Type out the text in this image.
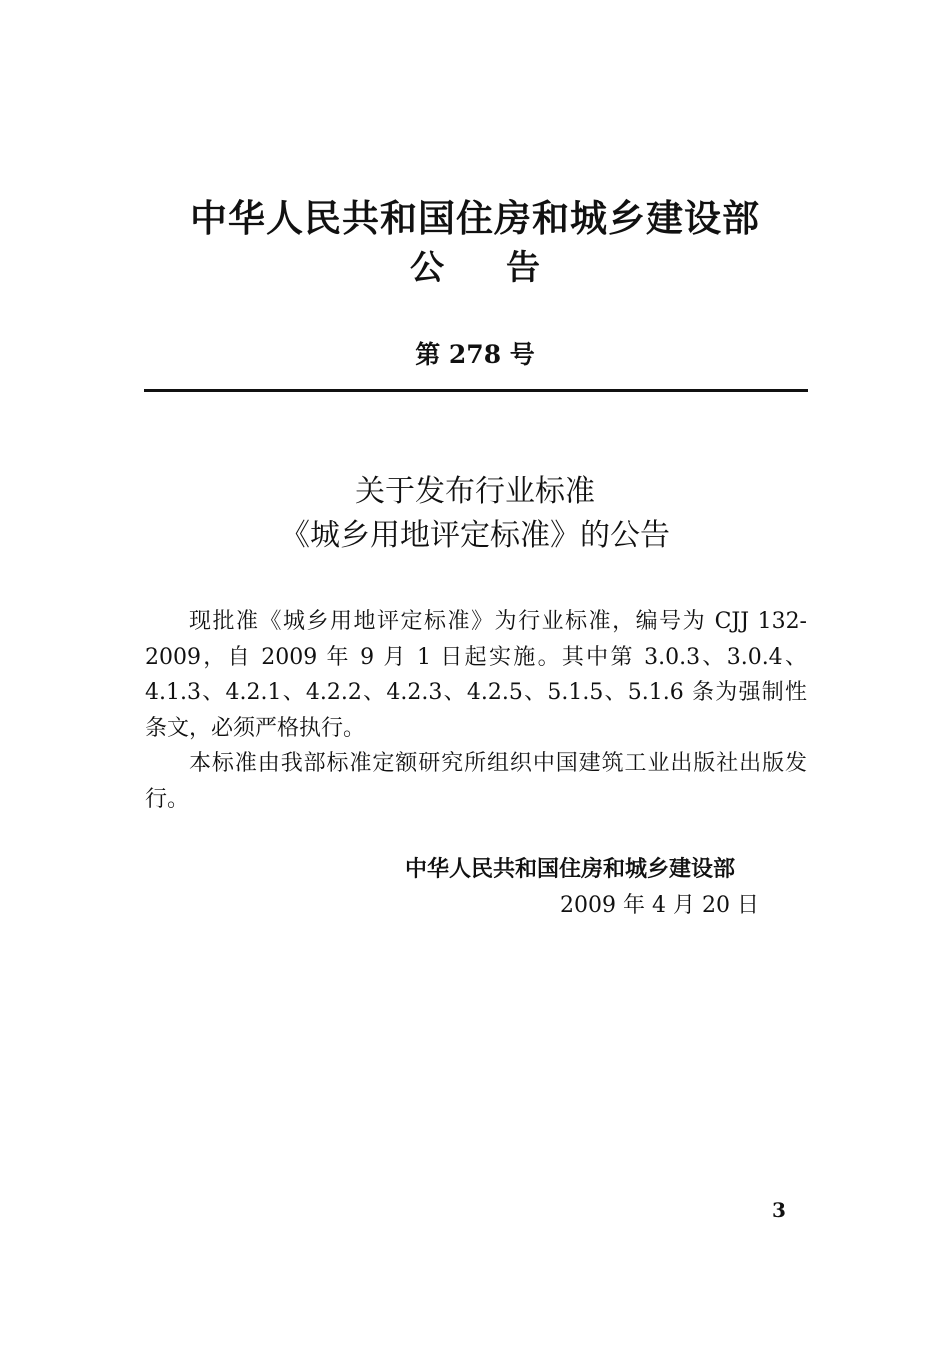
中华人民共和国住房和城乡建设部
公告
第 278 号
关于发布行业标准
《城乡用地评定标准》的公告

现批准《城乡用地评定标准》为行业标准，编号为 CJJ 132-2009，自 2009 年 9 月 1 日起实施。其中第 3.0.3、3.0.4、4.1.3、4.2.1、4.2.2、4.2.3、4.2.5、5.1.5、5.1.6 条为强制性条文，必须严格执行。

本标准由我部标准定额研究所组织中国建筑工业出版社出版发行。

中华人民共和国住房和城乡建设部
2009 年 4 月 20 日
3
